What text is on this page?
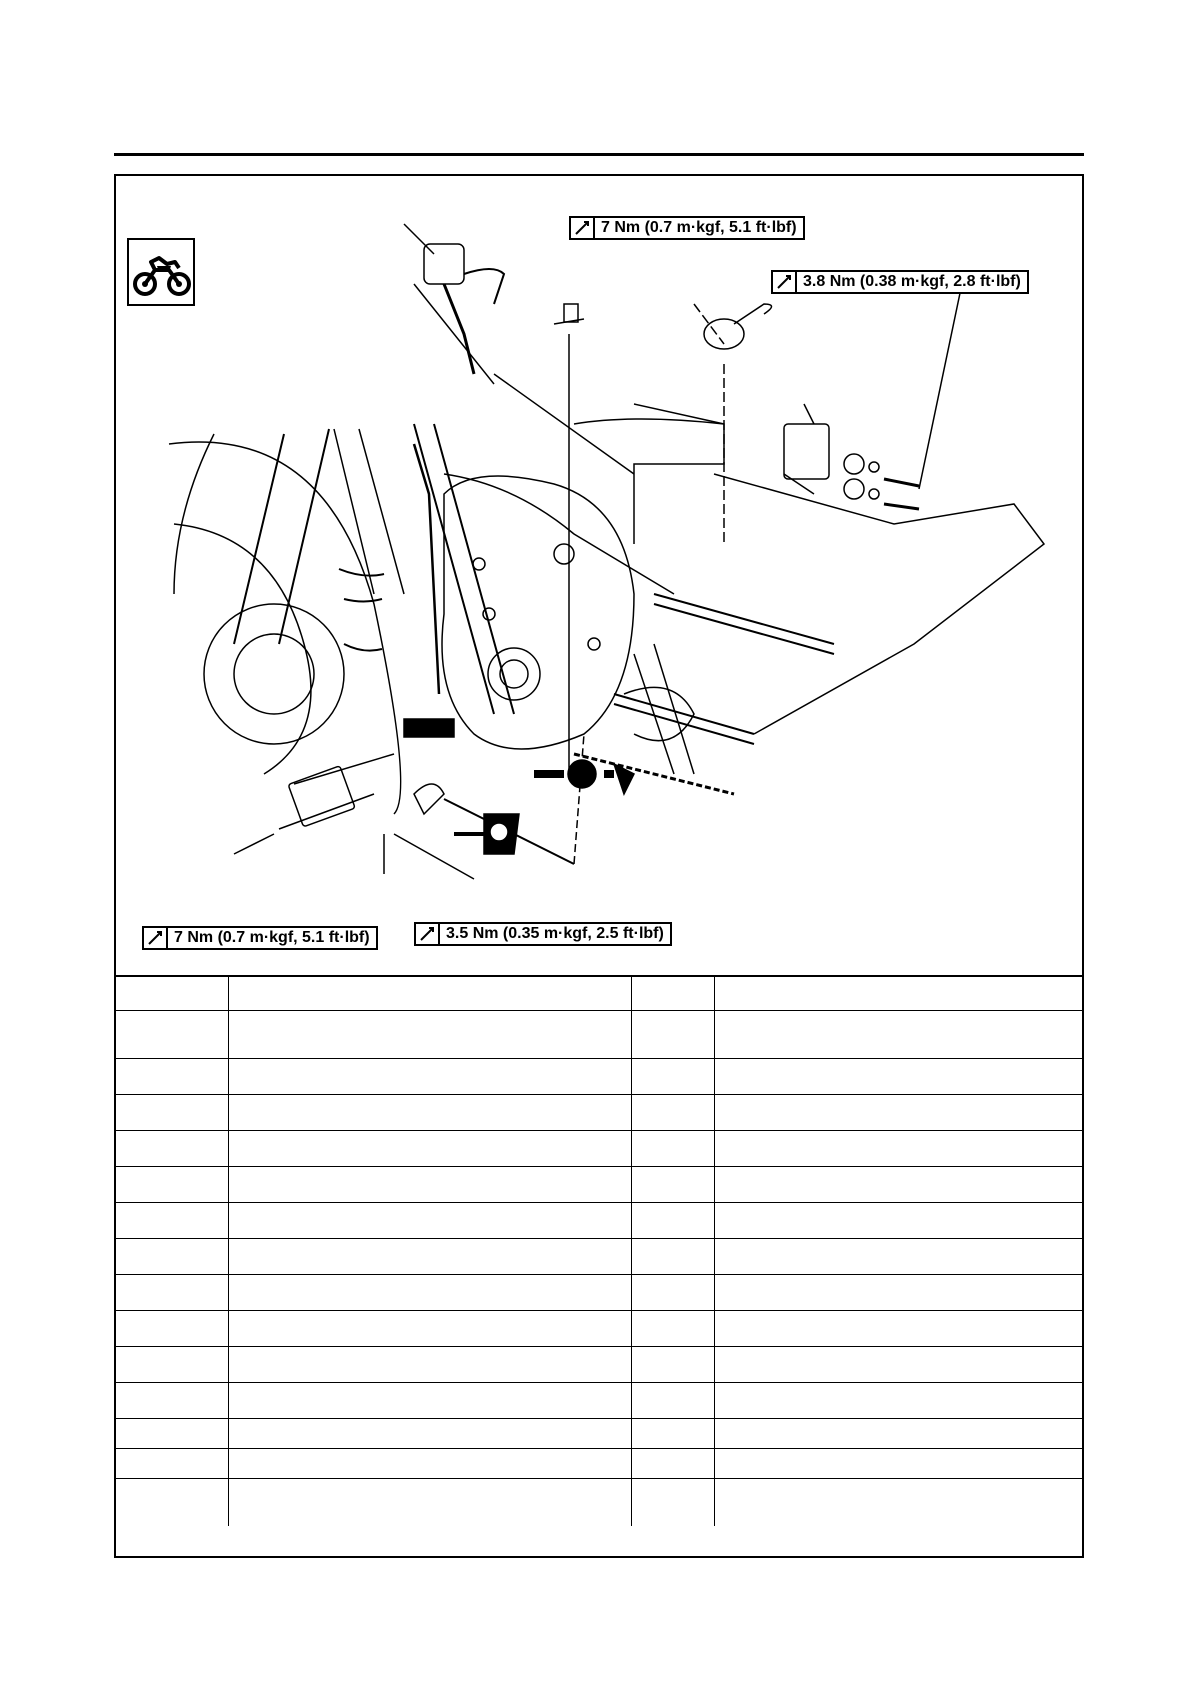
7 Nm (0.7 m·kgf, 5.1 ft·lbf)
3.8 Nm (0.38 m·kgf, 2.8 ft·lbf)
7 Nm (0.7 m·kgf, 5.1 ft·lbf)	3.5 Nm (0.35 m·kgf, 2.5 ft·lbf)
